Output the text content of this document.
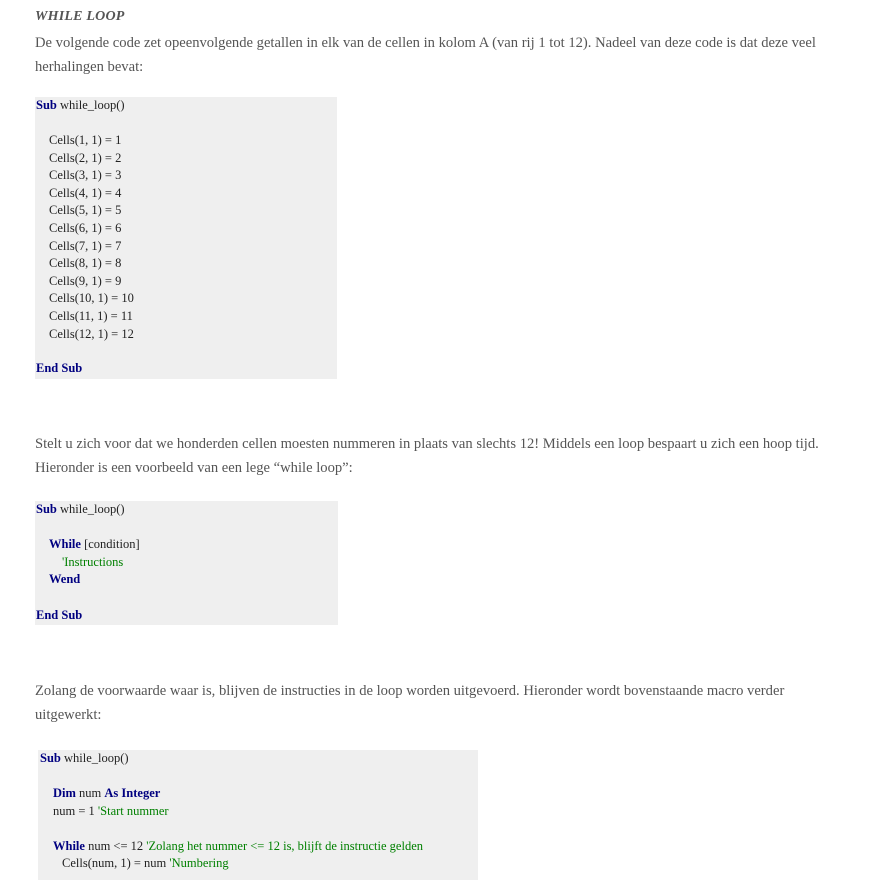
WHILE LOOP
De volgende code zet opeenvolgende getallen in elk van de cellen in kolom A (van rij 1 tot 12). Nadeel van deze code is dat deze veel herhalingen bevat:
Sub while_loop()
Cells(1, 1) = 1
Cells(2, 1) = 2
Cells(3, 1) = 3
Cells(4, 1) = 4
Cells(5, 1) = 5
Cells(6, 1) = 6
Cells(7, 1) = 7
Cells(8, 1) = 8
Cells(9, 1) = 9
Cells(10, 1) = 10
Cells(11, 1) = 11
Cells(12, 1) = 12
End Sub
Stelt u zich voor dat we honderden cellen moesten nummeren in plaats van slechts 12! Middels een loop bespaart u zich een hoop tijd. Hieronder is een voorbeeld van een lege “while loop”:
Sub while_loop()
While [condition]
'Instructions
Wend
End Sub
Zolang de voorwaarde waar is, blijven de instructies in de loop worden uitgevoerd. Hieronder wordt bovenstaande macro verder uitgewerkt:
Sub while_loop()
Dim num As Integer
num = 1 'Start nummer
While num <= 12 'Zolang het nummer <= 12 is, blijft de instructie gelden
Cells(num, 1) = num 'Numbering
